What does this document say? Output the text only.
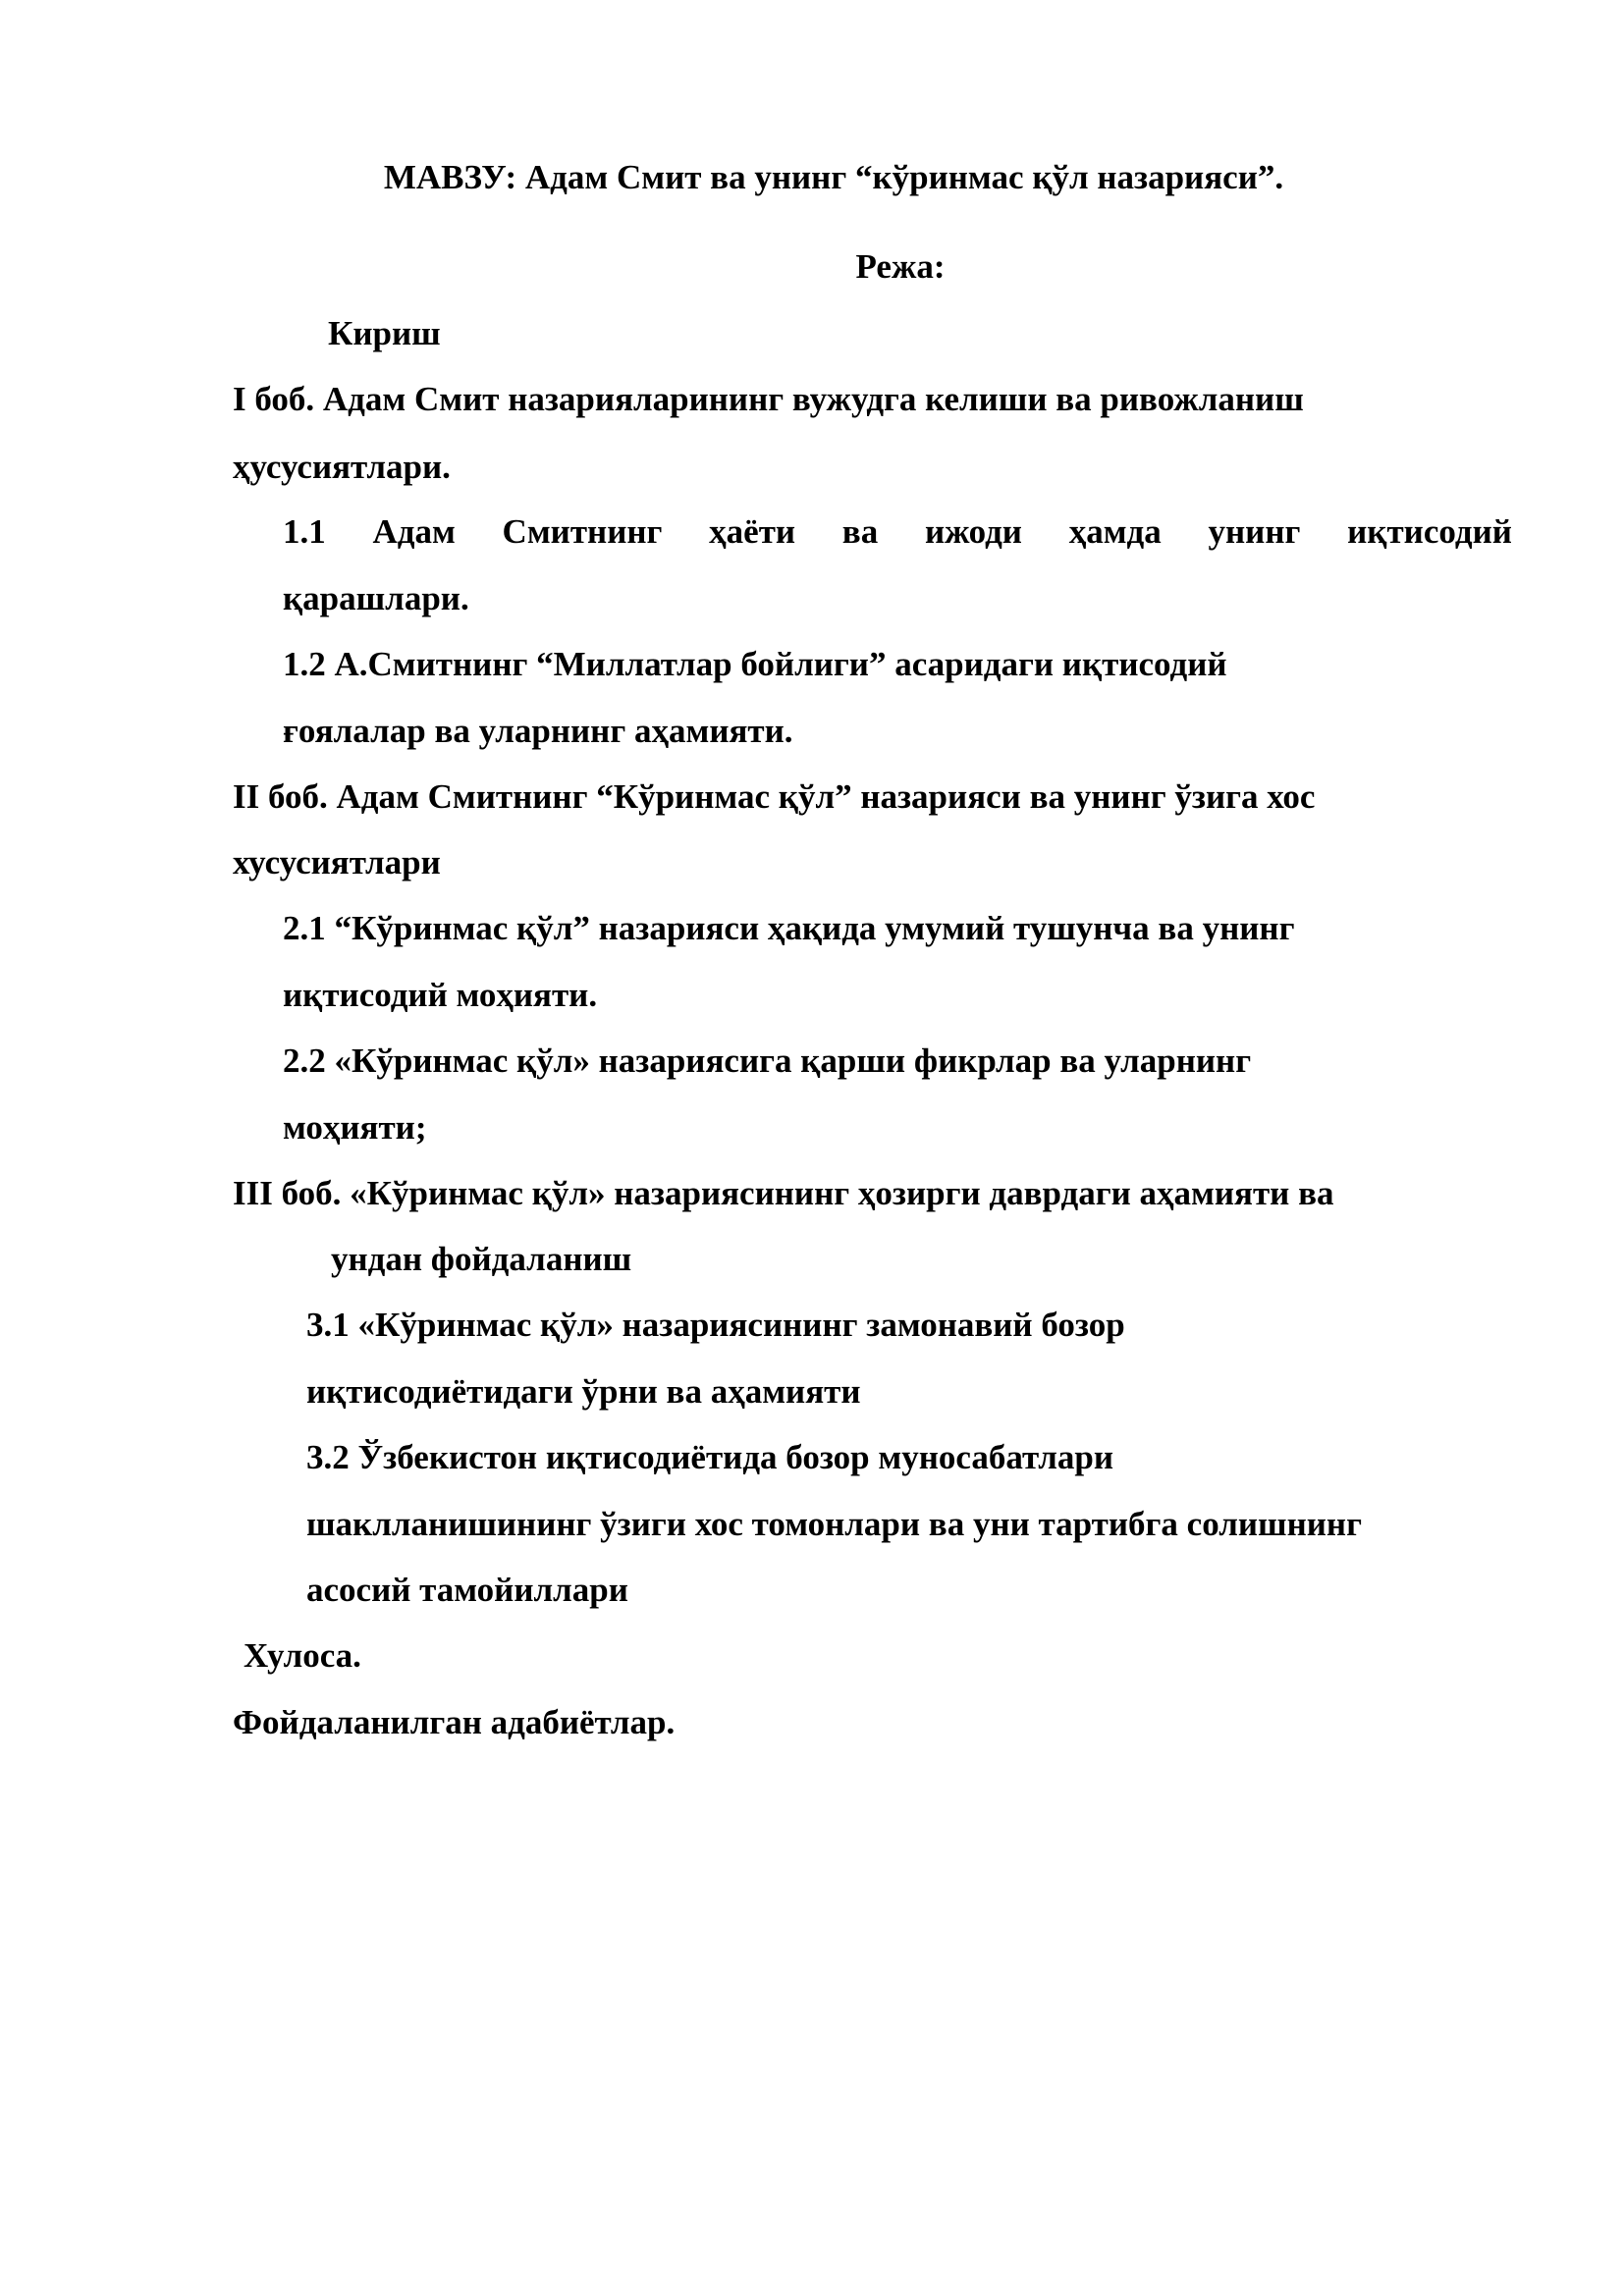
МАВЗУ: Адам Смит ва унинг “кўринмас қўл назарияси”.
Режа:
Кириш
I боб. Адам Смит назарияларининг вужудга келиши ва ривожланиш
ҳусусиятлари.
1.1 Адам Смитнинг ҳаёти ва ижоди ҳамда унинг иқтисодий
қарашлари.
1.2 А.Смитнинг “Миллатлар бойлиги” асаридаги иқтисодий
ғоялалар ва уларнинг аҳамияти.
II боб. Адам Смитнинг “Кўринмас қўл” назарияси ва унинг ўзига хос
хусусиятлари
2.1 “Кўринмас қўл” назарияси ҳақида умумий тушунча ва унинг
иқтисодий моҳияти.
2.2 «Кўринмас қўл» назариясига қарши фикрлар ва уларнинг
моҳияти;
III боб. «Кўринмас қўл» назариясининг ҳозирги даврдаги аҳамияти ва
ундан фойдаланиш
3.1 «Кўринмас қўл» назариясининг замонавий бозор
иқтисодиётидаги ўрни ва аҳамияти
3.2 Ўзбекистон иқтисодиётида бозор муносабатлари
шаклланишининг ўзиги хос томонлари ва уни тартибга солишнинг
асосий тамойиллари
Хулоса.
Фойдаланилган адабиётлар.
